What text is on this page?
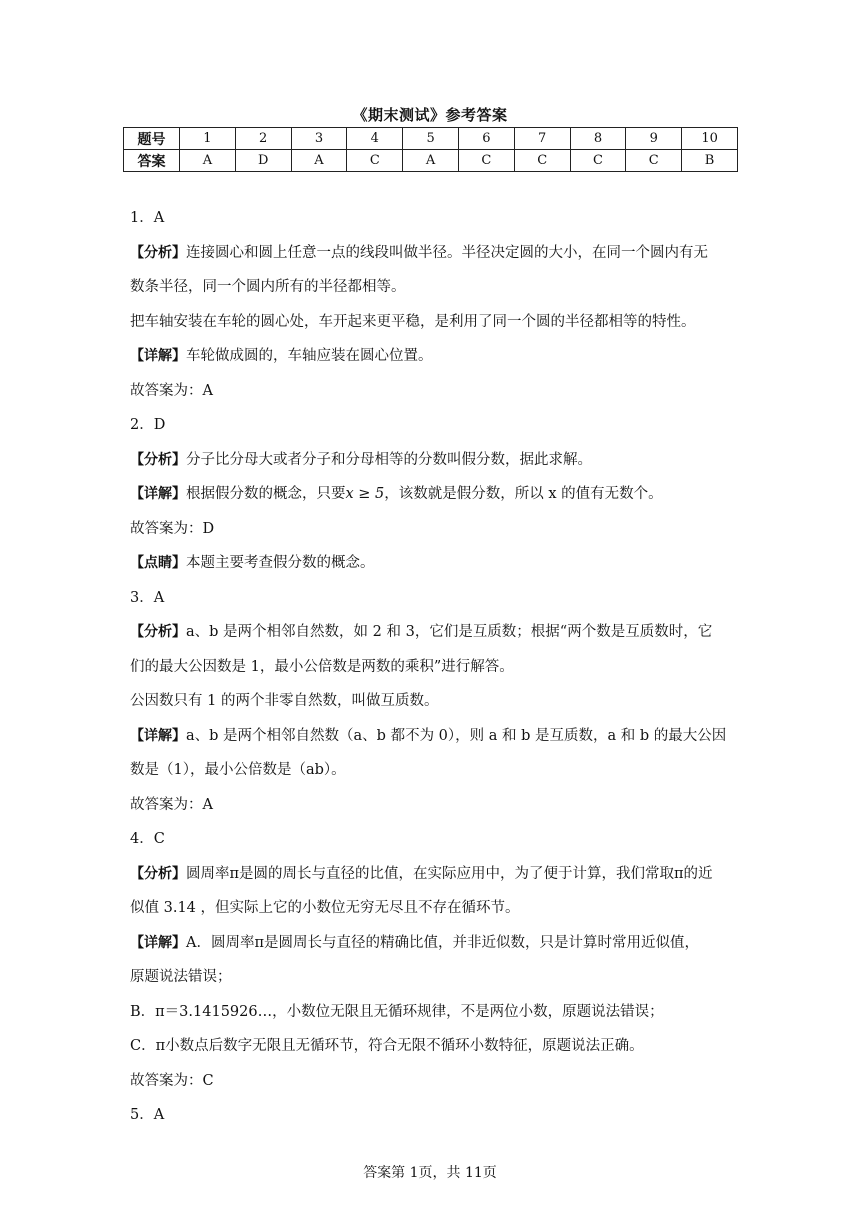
《期末测试》参考答案
题号	1	2	3	4	5	6	7	8	9	10
答案	A	D	A	C	A	C	C	C	C	B

1．A

【分析】连接圆心和圆上任意一点的线段叫做半径。半径决定圆的大小，在同一个圆内有无

数条半径，同一个圆内所有的半径都相等。

把车轴安装在车轮的圆心处，车开起来更平稳，是利用了同一个圆的半径都相等的特性。

【详解】车轮做成圆的，车轴应装在圆心位置。

故答案为：A

2．D

【分析】分子比分母大或者分子和分母相等的分数叫假分数，据此求解。

【详解】根据假分数的概念，只要x ≥ 5，该数就是假分数，所以 x 的值有无数个。

故答案为：D

【点睛】本题主要考查假分数的概念。

3．A

【分析】a、b 是两个相邻自然数，如 2 和 3，它们是互质数；根据“两个数是互质数时，它

们的最大公因数是 1，最小公倍数是两数的乘积”进行解答。

公因数只有 1 的两个非零自然数，叫做互质数。

【详解】a、b 是两个相邻自然数（a、b 都不为 0），则 a 和 b 是互质数，a 和 b 的最大公因

数是（1），最小公倍数是（ab）。

故答案为：A

4．C

【分析】圆周率π是圆的周长与直径的比值，在实际应用中，为了便于计算，我们常取π的近

似值 3.14 ，但实际上它的小数位无穷无尽且不存在循环节。

【详解】A．圆周率π是圆周长与直径的精确比值，并非近似数，只是计算时常用近似值，

原题说法错误；

B．π＝3.1415926…，小数位无限且无循环规律，不是两位小数，原题说法错误；

C．π小数点后数字无限且无循环节，符合无限不循环小数特征，原题说法正确。

故答案为：C

5．A

答案第 1页，共 11页
